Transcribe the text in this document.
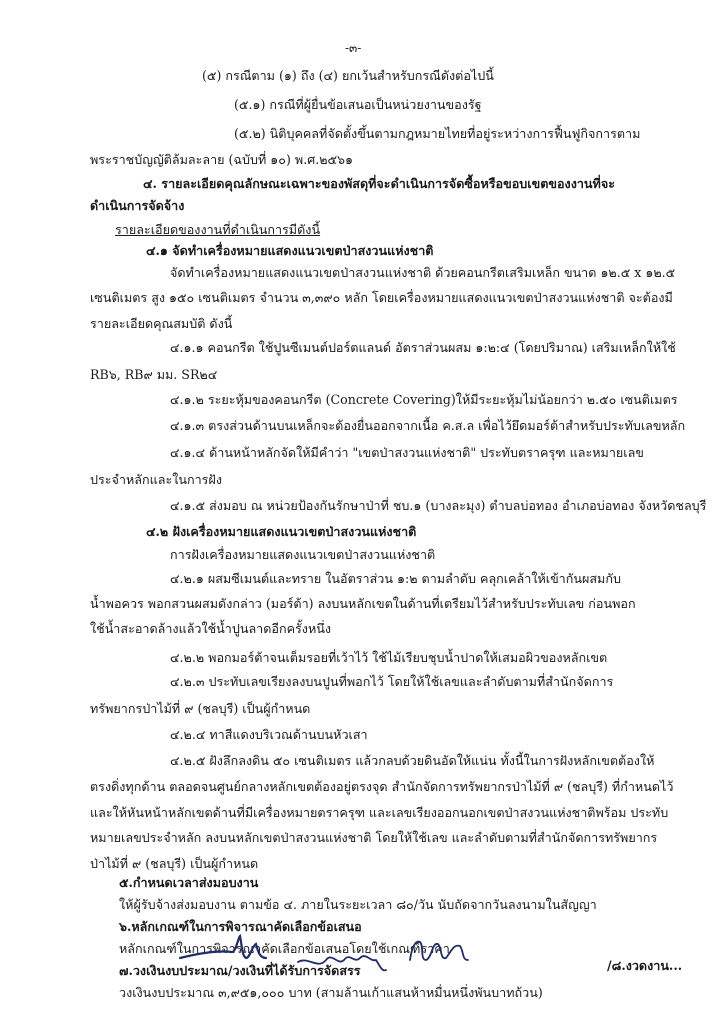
-๓-
(๕) กรณีตาม (๑) ถึง (๔) ยกเว้นสำหรับกรณีดังต่อไปนี้
(๕.๑) กรณีที่ผู้ยื่นข้อเสนอเป็นหน่วยงานของรัฐ
(๕.๒) นิติบุคคลที่จัดตั้งขึ้นตามกฎหมายไทยที่อยู่ระหว่างการฟื้นฟูกิจการตาม
พระราชบัญญัติล้มละลาย (ฉบับที่ ๑๐) พ.ศ.๒๕๖๑
๔. รายละเอียดคุณลักษณะเฉพาะของพัสดุที่จะดำเนินการจัดซื้อหรือขอบเขตของงานที่จะ
ดำเนินการจัดจ้าง
รายละเอียดของงานที่ดำเนินการมีดังนี้
๔.๑ จัดทำเครื่องหมายแสดงแนวเขตป่าสงวนแห่งชาติ
จัดทำเครื่องหมายแสดงแนวเขตป่าสงวนแห่งชาติ ด้วยคอนกรีตเสริมเหล็ก ขนาด ๑๒.๕ x ๑๒.๕
เซนติเมตร สูง ๑๕๐ เซนติเมตร จำนวน ๓,๓๙๐ หลัก โดยเครื่องหมายแสดงแนวเขตป่าสงวนแห่งชาติ จะต้องมี
รายละเอียดคุณสมบัติ ดังนี้
๔.๑.๑ คอนกรีต ใช้ปูนซีเมนต์ปอร์ตแลนด์ อัตราส่วนผสม ๑:๒:๔ (โดยปริมาณ) เสริมเหล็กให้ใช้
RB๖, RB๙ มม. SR๒๔
๔.๑.๒ ระยะหุ้มของคอนกรีต (Concrete Covering)ให้มีระยะหุ้มไม่น้อยกว่า ๒.๕๐ เซนติเมตร
๔.๑.๓ ตรงส่วนด้านบนเหล็กจะต้องยื่นออกจากเนื้อ ค.ส.ล เพื่อไว้ยึดมอร์ต้าสำหรับประทับเลขหลัก
๔.๑.๔ ด้านหน้าหลักจัดให้มีคำว่า "เขตป่าสงวนแห่งชาติ" ประทับตราครุฑ และหมายเลข
ประจำหลักและในการฝัง
๔.๑.๕ ส่งมอบ ณ หน่วยป้องกันรักษาป่าที่ ชบ.๑ (บางละมุง) ตำบลบ่อทอง อำเภอบ่อทอง จังหวัดชลบุรี
๔.๒ ฝังเครื่องหมายแสดงแนวเขตป่าสงวนแห่งชาติ
การฝังเครื่องหมายแสดงแนวเขตป่าสงวนแห่งชาติ
๔.๒.๑ ผสมซีเมนต์และทราย ในอัตราส่วน ๑:๒ ตามลำดับ คลุกเคล้าให้เข้ากันผสมกับ
น้ำพอควร พอกสวนผสมดังกล่าว (มอร์ต้า) ลงบนหลักเขตในด้านที่เตรียมไว้สำหรับประทับเลข ก่อนพอก
ใช้น้ำสะอาดล้างแล้วใช้น้ำปูนลาดอีกครั้งหนึ่ง
๔.๒.๒ พอกมอร์ต้าจนเต็มรอยที่เว้าไว้ ใช้ไม้เรียบชุบน้ำปาดให้เสมอผิวของหลักเขต
๔.๒.๓ ประทับเลขเรียงลงบนปูนที่พอกไว้ โดยให้ใช้เลขและลำดับตามที่สำนักจัดการ
ทรัพยากรป่าไม้ที่ ๙ (ชลบุรี) เป็นผู้กำหนด
๔.๒.๔ ทาสีแดงบริเวณด้านบนหัวเสา
๔.๒.๕ ฝังลึกลงดิน ๕๐ เซนติเมตร แล้วกลบด้วยดินอัดให้แน่น ทั้งนี้ในการฝังหลักเขตต้องให้
ตรงดิ่งทุกด้าน ตลอดจนศูนย์กลางหลักเขตต้องอยู่ตรงจุด สำนักจัดการทรัพยากรป่าไม้ที่ ๙ (ชลบุรี) ที่กำหนดไว้
และให้หันหน้าหลักเขตด้านที่มีเครื่องหมายตราครุฑ และเลขเรียงออกนอกเขตป่าสงวนแห่งชาติพร้อม ประทับ
หมายเลขประจำหลัก ลงบนหลักเขตป่าสงวนแห่งชาติ โดยให้ใช้เลข และลำดับตามที่สำนักจัดการทรัพยากร
ป่าไม้ที่ ๙ (ชลบุรี) เป็นผู้กำหนด
๕.กำหนดเวลาส่งมอบงาน
ให้ผู้รับจ้างส่งมอบงาน ตามข้อ ๔. ภายในระยะเวลา ๘๐/วัน นับถัดจากวันลงนามในสัญญา
๖.หลักเกณฑ์ในการพิจารณาคัดเลือกข้อเสนอ
หลักเกณฑ์ในการพิจารณาคัดเลือกข้อเสนอโดยใช้เกณฑ์ราคา
๗.วงเงินงบประมาณ/วงเงินที่ได้รับการจัดสรร
วงเงินงบประมาณ ๓,๙๕๑,๐๐๐ บาท (สามล้านเก้าแสนห้าหมื่นหนึ่งพันบาทถ้วน)
/๘.งวดงาน...
